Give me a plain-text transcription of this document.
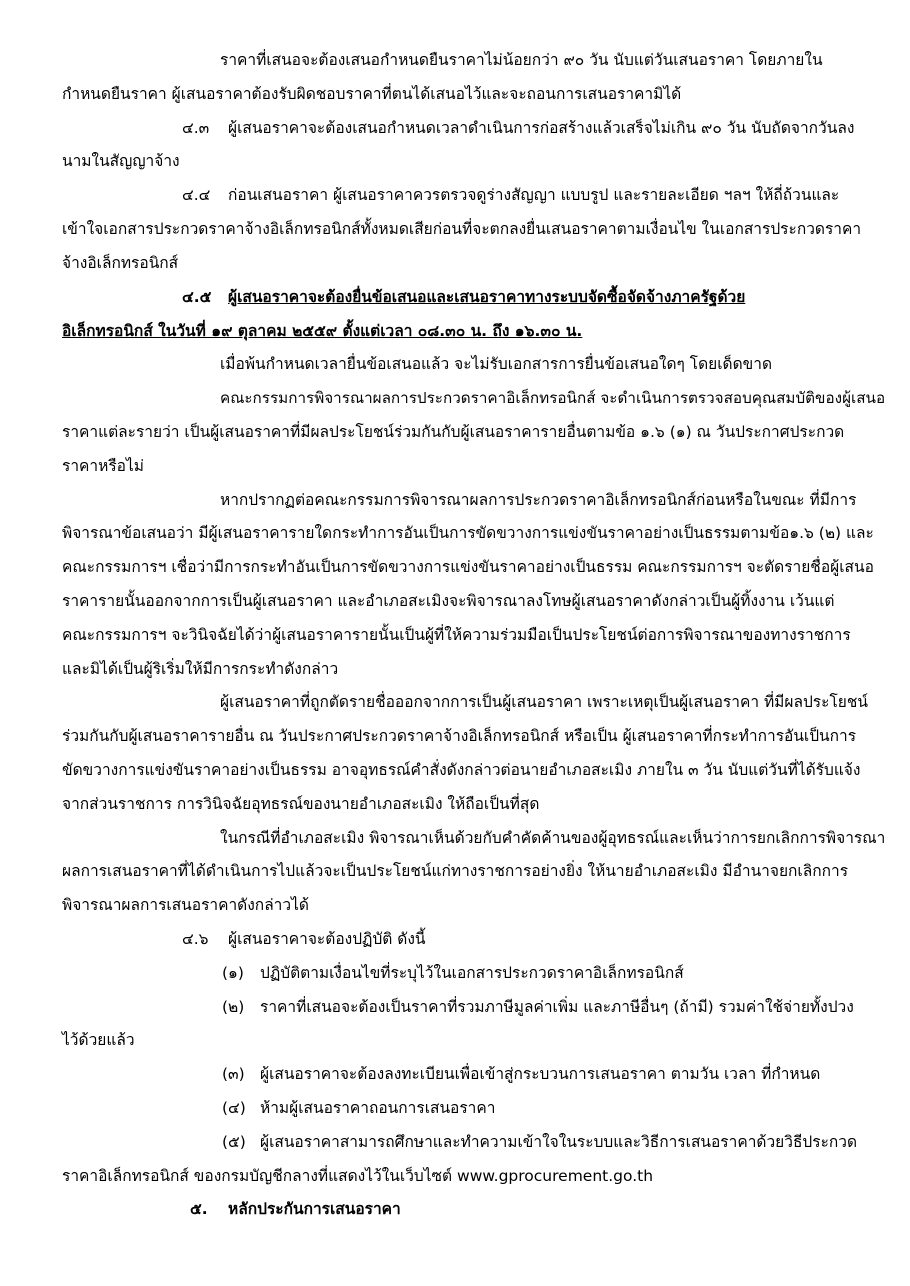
ราคาที่เสนอจะต้องเสนอกำหนดยืนราคาไม่น้อยกว่า ๙๐ วัน นับแต่วันเสนอราคา โดยภายใน
กำหนดยืนราคา ผู้เสนอราคาต้องรับผิดชอบราคาที่ตนได้เสนอไว้และจะถอนการเสนอราคามิได้
๔.๓ ผู้เสนอราคาจะต้องเสนอกำหนดเวลาดำเนินการก่อสร้างแล้วเสร็จไม่เกิน ๙๐ วัน นับถัดจากวันลง
นามในสัญญาจ้าง
๔.๔ ก่อนเสนอราคา ผู้เสนอราคาควรตรวจดูร่างสัญญา แบบรูป และรายละเอียด ฯลฯ ให้ถี่ถ้วนและ
เข้าใจเอกสารประกวดราคาจ้างอิเล็กทรอนิกส์ทั้งหมดเสียก่อนที่จะตกลงยื่นเสนอราคาตามเงื่อนไข ในเอกสารประกวดราคา
จ้างอิเล็กทรอนิกส์
๔.๕ ผู้เสนอราคาจะต้องยื่นข้อเสนอและเสนอราคาทางระบบจัดซื้อจัดจ้างภาครัฐด้วย
อิเล็กทรอนิกส์ ในวันที่ ๑๙ ตุลาคม ๒๕๕๙ ตั้งแต่เวลา ๐๘.๓๐ น. ถึง ๑๖.๓๐ น.
เมื่อพ้นกำหนดเวลายื่นข้อเสนอแล้ว จะไม่รับเอกสารการยื่นข้อเสนอใดๆ โดยเด็ดขาด
คณะกรรมการพิจารณาผลการประกวดราคาอิเล็กทรอนิกส์ จะดำเนินการตรวจสอบคุณสมบัติของผู้เสนอ
ราคาแต่ละรายว่า เป็นผู้เสนอราคาที่มีผลประโยชน์ร่วมกันกับผู้เสนอราคารายอื่นตามข้อ ๑.๖ (๑) ณ วันประกาศประกวด
ราคาหรือไม่
หากปรากฏต่อคณะกรรมการพิจารณาผลการประกวดราคาอิเล็กทรอนิกส์ก่อนหรือในขณะ ที่มีการ
พิจารณาข้อเสนอว่า มีผู้เสนอราคารายใดกระทำการอันเป็นการขัดขวางการแข่งขันราคาอย่างเป็นธรรมตามข้อ๑.๖ (๒) และ
คณะกรรมการฯ เชื่อว่ามีการกระทำอันเป็นการขัดขวางการแข่งขันราคาอย่างเป็นธรรม คณะกรรมการฯ จะตัดรายชื่อผู้เสนอ
ราคารายนั้นออกจากการเป็นผู้เสนอราคา และอำเภอสะเมิงจะพิจารณาลงโทษผู้เสนอราคาดังกล่าวเป็นผู้ทิ้งงาน เว้นแต่
คณะกรรมการฯ จะวินิจฉัยได้ว่าผู้เสนอราคารายนั้นเป็นผู้ที่ให้ความร่วมมือเป็นประโยชน์ต่อการพิจารณาของทางราชการ
และมิได้เป็นผู้ริเริ่มให้มีการกระทำดังกล่าว
ผู้เสนอราคาที่ถูกตัดรายชื่อออกจากการเป็นผู้เสนอราคา เพราะเหตุเป็นผู้เสนอราคา ที่มีผลประโยชน์
ร่วมกันกับผู้เสนอราคารายอื่น ณ วันประกาศประกวดราคาจ้างอิเล็กทรอนิกส์ หรือเป็น ผู้เสนอราคาที่กระทำการอันเป็นการ
ขัดขวางการแข่งขันราคาอย่างเป็นธรรม อาจอุทธรณ์คำสั่งดังกล่าวต่อนายอำเภอสะเมิง ภายใน ๓ วัน นับแต่วันที่ได้รับแจ้ง
จากส่วนราชการ การวินิจฉัยอุทธรณ์ของนายอำเภอสะเมิง ให้ถือเป็นที่สุด
ในกรณีที่อำเภอสะเมิง พิจารณาเห็นด้วยกับคำคัดค้านของผู้อุทธรณ์และเห็นว่าการยกเลิกการพิจารณา
ผลการเสนอราคาที่ได้ดำเนินการไปแล้วจะเป็นประโยชน์แก่ทางราชการอย่างยิ่ง ให้นายอำเภอสะเมิง มีอำนาจยกเลิกการ
พิจารณาผลการเสนอราคาดังกล่าวได้
๔.๖ ผู้เสนอราคาจะต้องปฏิบัติ ดังนี้
(๑) ปฏิบัติตามเงื่อนไขที่ระบุไว้ในเอกสารประกวดราคาอิเล็กทรอนิกส์
(๒) ราคาที่เสนอจะต้องเป็นราคาที่รวมภาษีมูลค่าเพิ่ม และภาษีอื่นๆ (ถ้ามี) รวมค่าใช้จ่ายทั้งปวง
ไว้ด้วยแล้ว
(๓) ผู้เสนอราคาจะต้องลงทะเบียนเพื่อเข้าสู่กระบวนการเสนอราคา ตามวัน เวลา ที่กำหนด
(๔) ห้ามผู้เสนอราคาถอนการเสนอราคา
(๕) ผู้เสนอราคาสามารถศึกษาและทำความเข้าใจในระบบและวิธีการเสนอราคาด้วยวิธีประกวด
ราคาอิเล็กทรอนิกส์ ของกรมบัญชีกลางที่แสดงไว้ในเว็บไซต์ www.gprocurement.go.th
๕. หลักประกันการเสนอราคา
